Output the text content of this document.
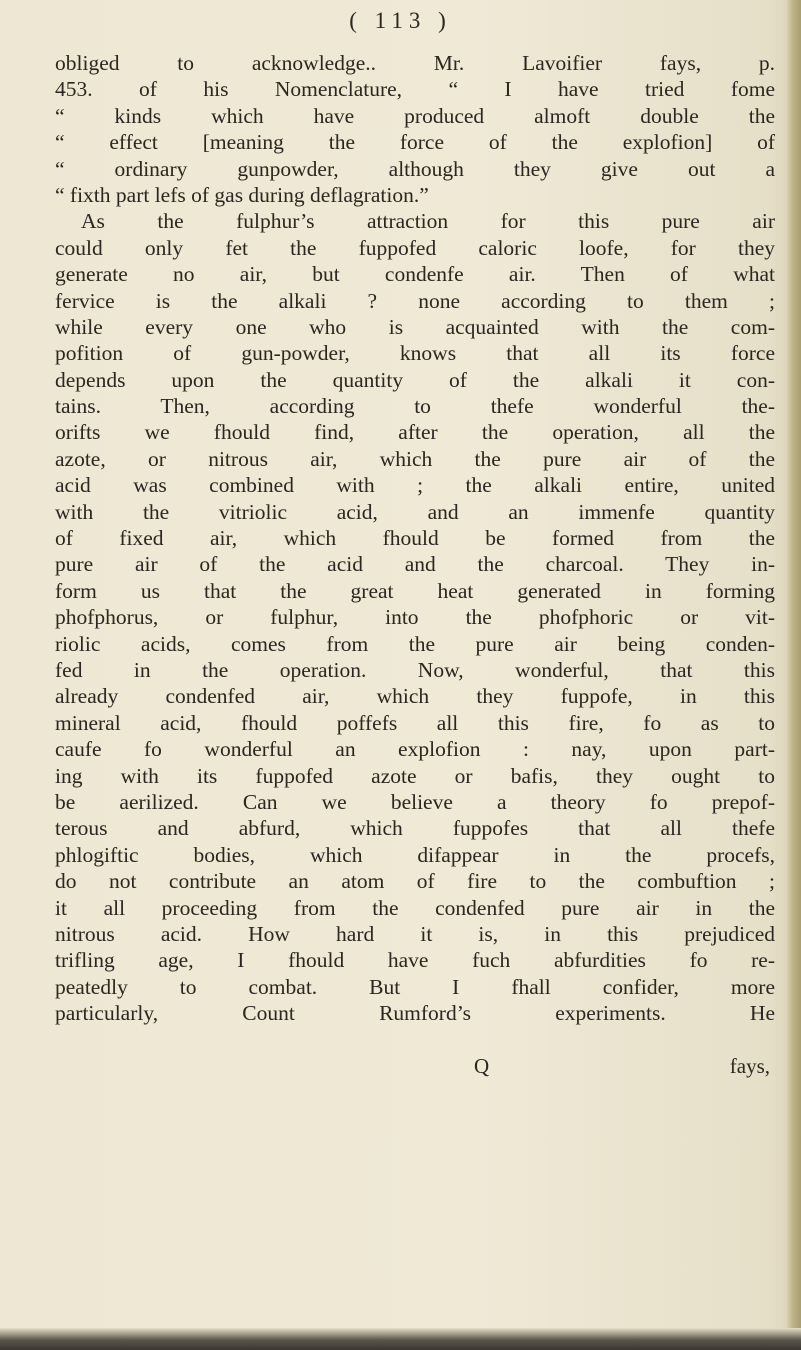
( 113 )
obliged to acknowledge.. Mr. Lavoifier fays, p.
453. of his Nomenclature, “ I have tried fome
“ kinds which have produced almoft double the
“ effect [meaning the force of the explofion] of
“ ordinary gunpowder, although they give out a
“ fixth part lefs of gas during deflagration.”
As the fulphur’s attraction for this pure air
could only fet the fuppofed caloric loofe, for they
generate no air, but condenfe air. Then of what
fervice is the alkali ? none according to them ;
while every one who is acquainted with the com-
pofition of gun-powder, knows that all its force
depends upon the quantity of the alkali it con-
tains. Then, according to thefe wonderful the-
orifts we fhould find, after the operation, all the
azote, or nitrous air, which the pure air of the
acid was combined with ; the alkali entire, united
with the vitriolic acid, and an immenfe quantity
of fixed air, which fhould be formed from the
pure air of the acid and the charcoal. They in-
form us that the great heat generated in forming
phofphorus, or fulphur, into the phofphoric or vit-
riolic acids, comes from the pure air being conden-
fed in the operation. Now, wonderful, that this
already condenfed air, which they fuppofe, in this
mineral acid, fhould poffefs all this fire, fo as to
caufe fo wonderful an explofion : nay, upon part-
ing with its fuppofed azote or bafis, they ought to
be aerilized. Can we believe a theory fo prepof-
terous and abfurd, which fuppofes that all thefe
phlogiftic bodies, which difappear in the procefs,
do not contribute an atom of fire to the combuftion ;
it all proceeding from the condenfed pure air in the
nitrous acid. How hard it is, in this prejudiced
trifling age, I fhould have fuch abfurdities fo re-
peatedly to combat. But I fhall confider, more
particularly, Count Rumford’s experiments. He
Q	fays,
